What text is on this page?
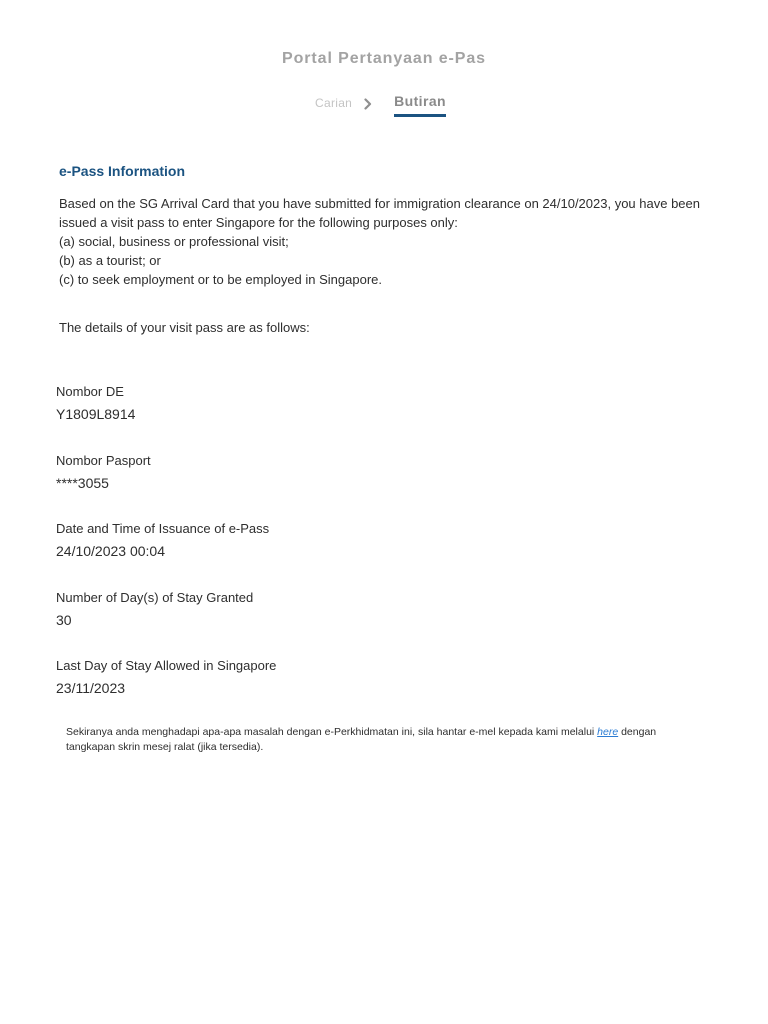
Portal Pertanyaan e-Pas
Carian	Butiran
e-Pass Information

Based on the SG Arrival Card that you have submitted for immigration clearance on 24/10/2023, you have been issued a visit pass to enter Singapore for the following purposes only:

(a) social, business or professional visit;

(b) as a tourist; or

(c) to seek employment or to be employed in Singapore.

The details of your visit pass are as follows:
Nombor DE
Y1809L8914
Nombor Pasport
****3055
Date and Time of Issuance of e-Pass
24/10/2023 00:04
Number of Day(s) of Stay Granted
30
Last Day of Stay Allowed in Singapore
23/11/2023
Sekiranya anda menghadapi apa-apa masalah dengan e-Perkhidmatan ini, sila hantar e-mel kepada kami melalui here dengan tangkapan skrin mesej ralat (jika tersedia).
